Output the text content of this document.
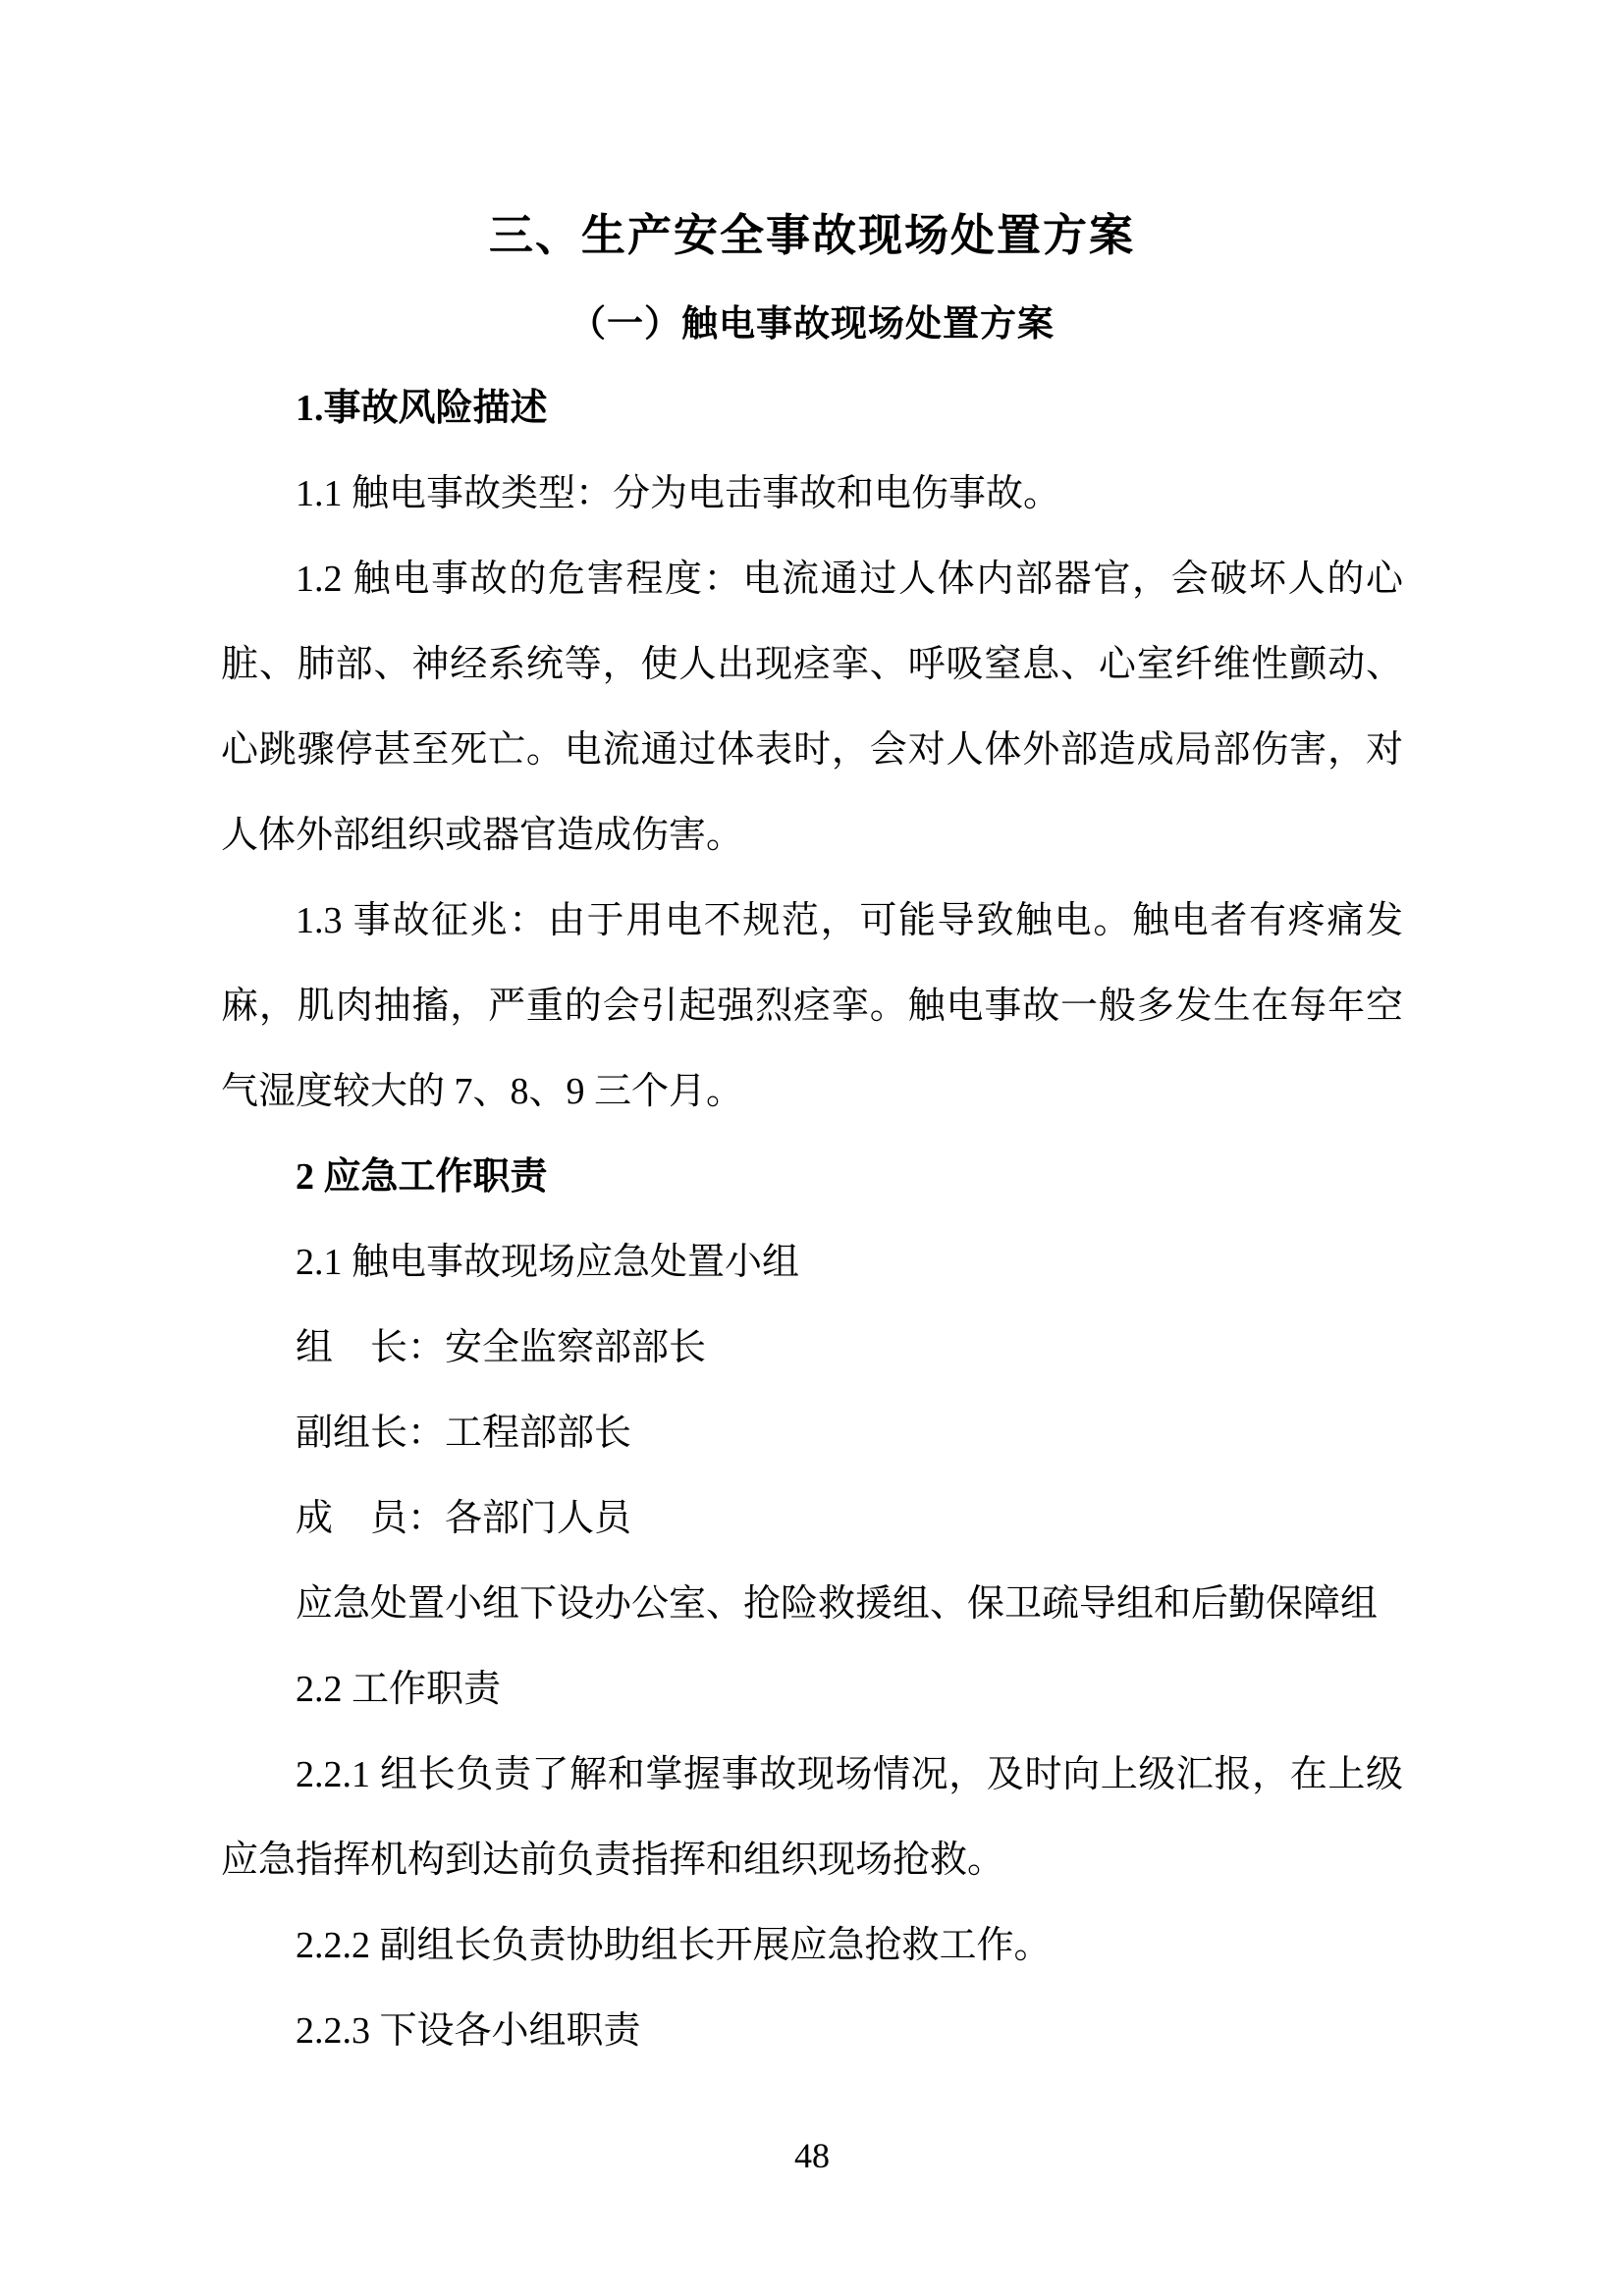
三、生产安全事故现场处置方案
（一）触电事故现场处置方案

1.事故风险描述

1.1 触电事故类型：分为电击事故和电伤事故。

1.2 触电事故的危害程度：电流通过人体内部器官，会破坏人的心脏、肺部、神经系统等，使人出现痉挛、呼吸窒息、心室纤维性颤动、心跳骤停甚至死亡。电流通过体表时，会对人体外部造成局部伤害，对人体外部组织或器官造成伤害。

1.3 事故征兆：由于用电不规范，可能导致触电。触电者有疼痛发麻，肌肉抽搐，严重的会引起强烈痉挛。触电事故一般多发生在每年空气湿度较大的 7、8、9 三个月。

2 应急工作职责

2.1 触电事故现场应急处置小组

组　长：安全监察部部长

副组长：工程部部长

成　员：各部门人员

应急处置小组下设办公室、抢险救援组、保卫疏导组和后勤保障组

2.2 工作职责

2.2.1 组长负责了解和掌握事故现场情况，及时向上级汇报，在上级应急指挥机构到达前负责指挥和组织现场抢救。

2.2.2 副组长负责协助组长开展应急抢救工作。

2.2.3 下设各小组职责

48
